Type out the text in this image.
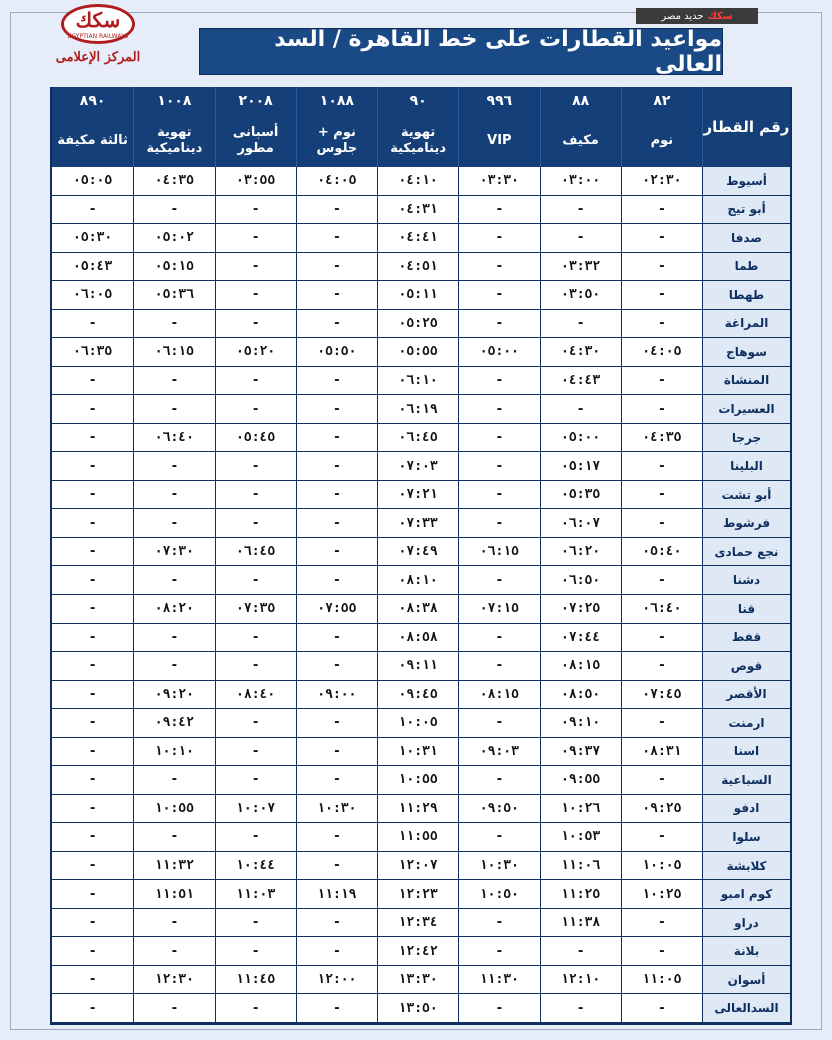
سكك
EGYPTIAN RAILWAYS
المركز الإعلامى
سكك
حديد مصر
مواعيد القطارات على خط القاهرة / السد العالى
رقم القطار	٨٢	٨٨	٩٩٦	٩٠	١٠٨٨	٢٠٠٨	١٠٠٨	٨٩٠
	نوم	مكيف	VIP	تهوية ديناميكية	نوم + جلوس	أسبانى مطور	تهوية ديناميكية	ثالثة مكيفة
أسيوط	٠٢:٣٠	٠٣:٠٠	٠٣:٣٠	٠٤:١٠	٠٤:٠٥	٠٣:٥٥	٠٤:٣٥	٠٥:٠٥
أبو تيج	-	-	-	٠٤:٣١	-	-	-	-
صدفا	-	-	-	٠٤:٤١	-	-	٠٥:٠٢	٠٥:٣٠
طما	-	٠٣:٣٢	-	٠٤:٥١	-	-	٠٥:١٥	٠٥:٤٣
طهطا	-	٠٣:٥٠	-	٠٥:١١	-	-	٠٥:٣٦	٠٦:٠٥
المراغة	-	-	-	٠٥:٢٥	-	-	-	-
سوهاج	٠٤:٠٥	٠٤:٣٠	٠٥:٠٠	٠٥:٥٥	٠٥:٥٠	٠٥:٢٠	٠٦:١٥	٠٦:٣٥
المنشاة	-	٠٤:٤٣	-	٠٦:١٠	-	-	-	-
العسيرات	-	-	-	٠٦:١٩	-	-	-	-
جرجا	٠٤:٣٥	٠٥:٠٠	-	٠٦:٤٥	-	٠٥:٤٥	٠٦:٤٠	-
البلينا	-	٠٥:١٧	-	٠٧:٠٣	-	-	-	-
أبو تشت	-	٠٥:٣٥	-	٠٧:٢١	-	-	-	-
فرشوط	-	٠٦:٠٧	-	٠٧:٣٣	-	-	-	-
نجع حمادى	٠٥:٤٠	٠٦:٢٠	٠٦:١٥	٠٧:٤٩	-	٠٦:٤٥	٠٧:٣٠	-
دشنا	-	٠٦:٥٠	-	٠٨:١٠	-	-	-	-
قنا	٠٦:٤٠	٠٧:٢٥	٠٧:١٥	٠٨:٣٨	٠٧:٥٥	٠٧:٣٥	٠٨:٢٠	-
قفط	-	٠٧:٤٤	-	٠٨:٥٨	-	-	-	-
قوص	-	٠٨:١٥	-	٠٩:١١	-	-	-	-
الأقصر	٠٧:٤٥	٠٨:٥٠	٠٨:١٥	٠٩:٤٥	٠٩:٠٠	٠٨:٤٠	٠٩:٢٠	-
ارمنت	-	٠٩:١٠	-	١٠:٠٥	-	-	٠٩:٤٢	-
اسنا	٠٨:٣١	٠٩:٣٧	٠٩:٠٣	١٠:٣١	-	-	١٠:١٠	-
السباعية	-	٠٩:٥٥	-	١٠:٥٥	-	-	-	-
ادفو	٠٩:٢٥	١٠:٢٦	٠٩:٥٠	١١:٢٩	١٠:٣٠	١٠:٠٧	١٠:٥٥	-
سلوا	-	١٠:٥٣	-	١١:٥٥	-	-	-	-
كلابشة	١٠:٠٥	١١:٠٦	١٠:٣٠	١٢:٠٧	-	١٠:٤٤	١١:٣٢	-
كوم امبو	١٠:٢٥	١١:٢٥	١٠:٥٠	١٢:٢٣	١١:١٩	١١:٠٣	١١:٥١	-
دراو	-	١١:٣٨	-	١٢:٣٤	-	-	-	-
بلانة	-	-	-	١٢:٤٢	-	-	-	-
أسوان	١١:٠٥	١٢:١٠	١١:٣٠	١٣:٣٠	١٢:٠٠	١١:٤٥	١٢:٣٠	-
السدالعالى	-	-	-	١٣:٥٠	-	-	-	-
